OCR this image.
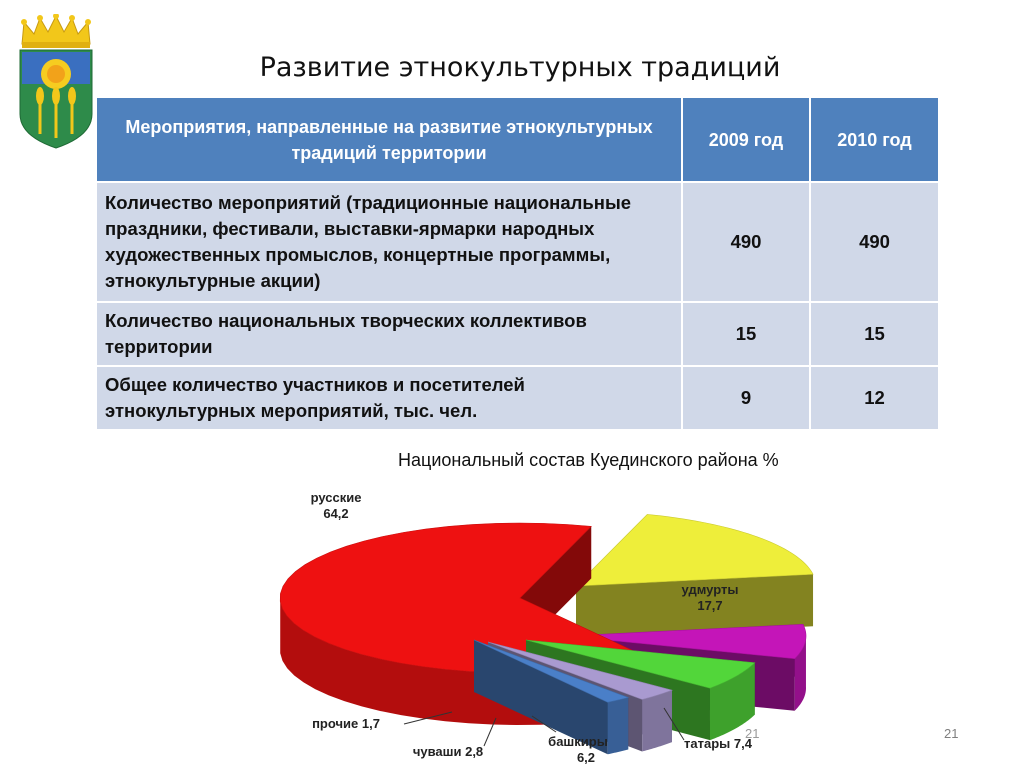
Развитие этнокультурных традиций
Мероприятия, направленные на развитие этнокультурных традиций территории	2009 год	2010 год
Количество мероприятий (традиционные национальные праздники, фестивали, выставки-ярмарки народных художественных промыслов, концертные программы, этнокультурные акции)	490	490
Количество национальных творческих коллективов территории	15	15
Общее количество участников и посетителей этнокультурных мероприятий, тыс. чел.	9	12
Национальный состав Куединского района %
русские
64,2
удмурты
17,7
татары 7,4
башкиры
6,2
чуваши 2,8
прочие 1,7
21	21
